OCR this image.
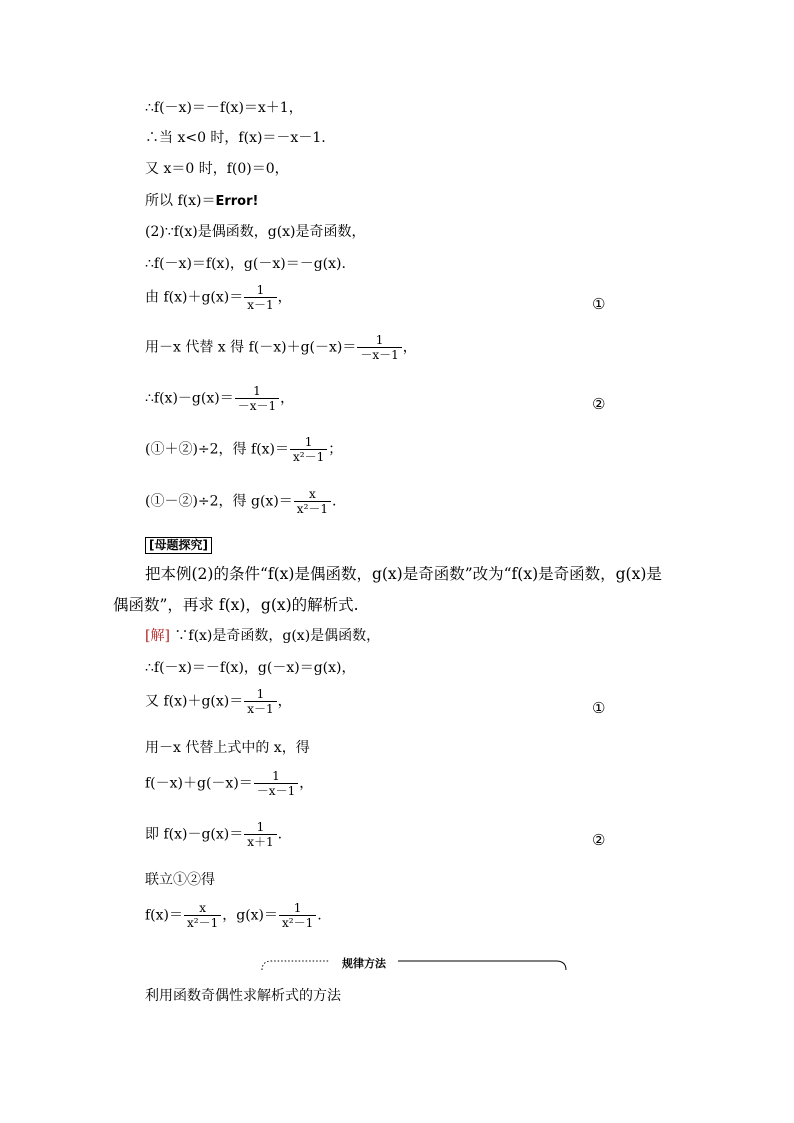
∴f(－x)＝－f(x)＝x＋1，
∴当 x<0 时，f(x)＝－x－1.
又 x＝0 时，f(0)＝0，
所以 f(x)＝Error!
(2)∵f(x)是偶函数，g(x)是奇函数，
∴f(－x)＝f(x)，g(－x)＝－g(x).
由 $f(x)+g(x)= \frac{1}{x-1}$ ，	①
用－x 代替 x 得 $f(-x)+g(-x)= \frac{1}{-x-1}$ ，
∴f(x)－g(x)＝ $\frac{1}{-x-1}$ ，	②
(①＋②)÷2，得 $f(x)= \frac{1}{\text{x²－1}}$ ；
(①－②)÷2，得 $g(x)= \frac{x}{\text{x²－1}}$ .
[母题探究]
把本例(2)的条件“f(x)是偶函数，g(x)是奇函数”改为“f(x)是奇函数，g(x)是
偶函数”，再求 f(x)，g(x)的解析式.
[解] ∵f(x)是奇函数，g(x)是偶函数，
∴f(－x)＝－f(x)，g(－x)＝g(x)，
又 $f(x)+g(x)= \frac{1}{x-1}$ ，	①
用－x 代替上式中的 x，得
$f(-x)+g(-x)= \frac{1}{-x-1}$ ，
即 $f(x)-g(x)= \frac{1}{x+1}$ .	②
联立①②得
$f(x)= \frac{x}{\text{x²－1}}$ ，$g(x)= \frac{1}{\text{x²－1}}$ .
规律方法
利用函数奇偶性求解析式的方法
